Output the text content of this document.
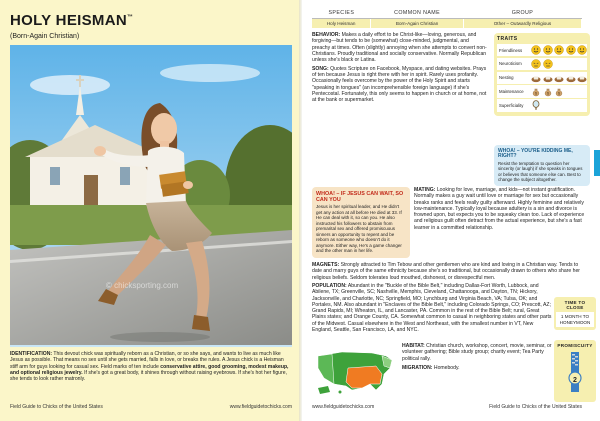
HOLY HEISMAN™
(Born-Again Christian)
© chicksporting.com
IDENTIFICATION: This devout chick was spiritually reborn as a Christian, or so she says, and wants to live as much like Jesus as possible. That means no sex until she gets married, falls in love, or breaks the rules. A Jesus chick is a Heisman stiff arm for guys looking for casual sex. Field marks of ten include conservative attire, good grooming, modest makeup, and optional religious jewelry. If she's got a great body, it shines through without raising eyebrows. If she's hot her figure, she tends to look rather matronly.
Field Guide to Chicks of the United States	www.fieldguidetochicks.com
SPECIES	COMMON NAME	GROUP
Holy Heisman	Born-Again Christian	Other – Outwardly Religious

BEHAVIOR: Makes a daily effort to be Christ-like—loving, generous, and forgiving—but tends to be (somewhat) close-minded, judgmental, and preachy at times. Often (slightly) annoying when she attempts to convert non-Christians. Proudly traditional and socially conservative. Normally Republican unless she's black or Latina.

SONG: Quotes Scripture on Facebook, Myspace, and dating websites. Prays of ten because Jesus is right there with her in spirit. Rarely uses profanity. Occasionally feels overcome by the power of the Holy Spirit and starts "speaking in tongues" (an incomprehensible foreign language) if she's Pentecostal. Fortunately, this only seems to happen in church or at home, not at the bank or supermarket.

TRAITS
Friendliness
Neuroticism
Nesting
Maintenance	$	$	$
Superficiality
WHOA! – YOU'RE KIDDING ME, RIGHT?
Resist the temptation to question her sincerity (or laugh) if she speaks in tongues or believes that someone else can. Best to change the subject altogether.
WHOA! – IF JESUS CAN WAIT, SO CAN YOU
Jesus is her spiritual leader, and He didn't get any action at all before He died at 33. If He can deal with it, so can you. He also instructed his followers to abstain from premarital sex and offered promiscuous sinners an opportunity to repent and be reborn as someone who doesn't do it anymore. Either way, He's a game changer and the other man in her life.
MATING: Looking for love, marriage, and kids—not instant gratification. Normally makes a guy wait until love or marriage for sex but occasionally breaks ranks and feels really guilty afterward. Highly feminine and relatively low-maintenance. Typically loyal because adultery is a sin and divorce is frowned upon, but expects you to be squeaky clean too. Lack of experience and religious guilt often detract from the actual experience, but she's a fast learner in a committed relationship.
MAGNETS: Strongly attracted to Tim Tebow and other gentlemen who are kind and loving in a Christian way. Tends to date and marry guys of the same ethnicity because she's so traditional, but occasionally drawn to others who share her religious beliefs. Seldom tolerates loud mouthed, dishonest, or disrespectful men.
POPULATION: Abundant in the "Buckle of the Bible Belt," including Dallas-Fort Worth, Lubbock, and Abilene, TX; Greenville, SC; Nashville, Memphis, Cleveland, Chattanooga, and Dayton, TN; Hickory, Jacksonville, and Charlotte, NC; Springfield, MO; Lynchburg and Virginia Beach, VA; Tulsa, OK; and Portales, NM. Also abundant in "Enclaves of the Bible Belt," including Colorado Springs, CO; Prescott, AZ; Grand Rapids, MI; Wheaton, IL, and Lancaster, PA. Common in the rest of the Bible Belt; rural, Great Plains states; and Orange County, CA. Somewhat common to casual in neighboring states and other parts of the Midwest. Casual elsewhere in the West and Northeast, with the smallest number in VT, New England, Seattle, San Francisco, LA, and NYC.

HABITAT: Christian church, workshop, concert, movie, seminar, or volunteer gathering; Bible study group; charity event; Tea Party political rally.

MIGRATION: Homebody.

TIME TO CLOSE
1 MONTH TO HONEYMOON
PROMISCUITY
2
www.fieldguidetochicks.com	Field Guide to Chicks of the United States
